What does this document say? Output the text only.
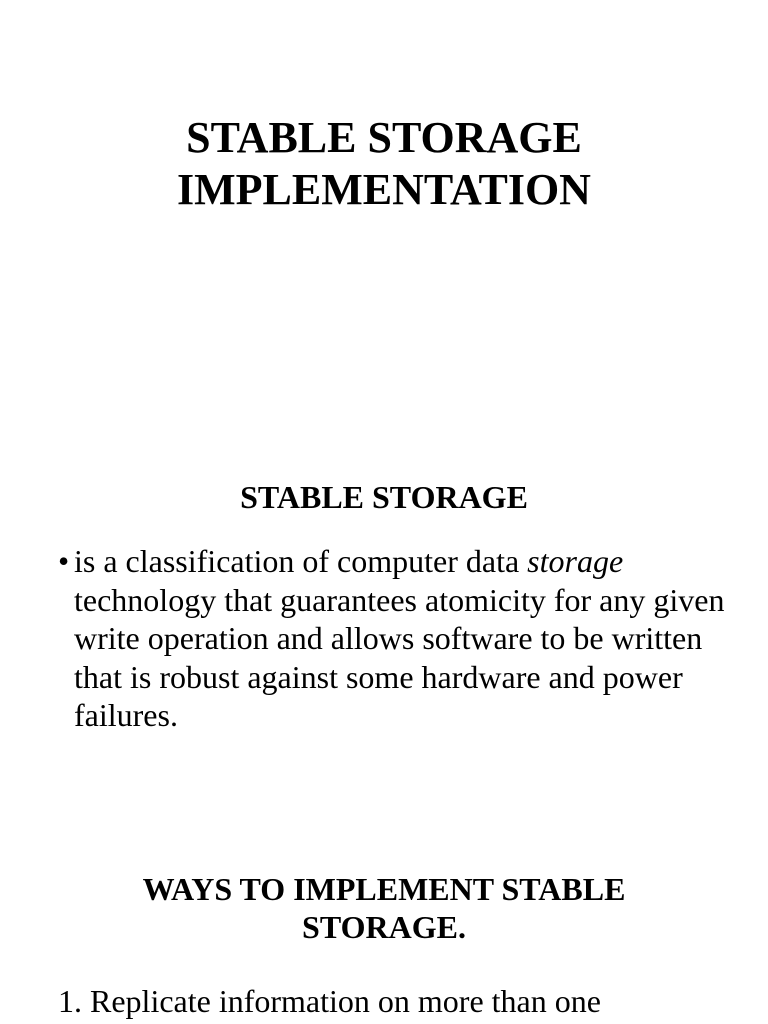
STABLE STORAGE
IMPLEMENTATION
STABLE STORAGE
• is a classification of computer data storage technology that guarantees atomicity for any given write operation and allows software to be written that is robust against some hardware and power failures.
WAYS TO IMPLEMENT STABLE
STORAGE.
1. Replicate information on more than one
